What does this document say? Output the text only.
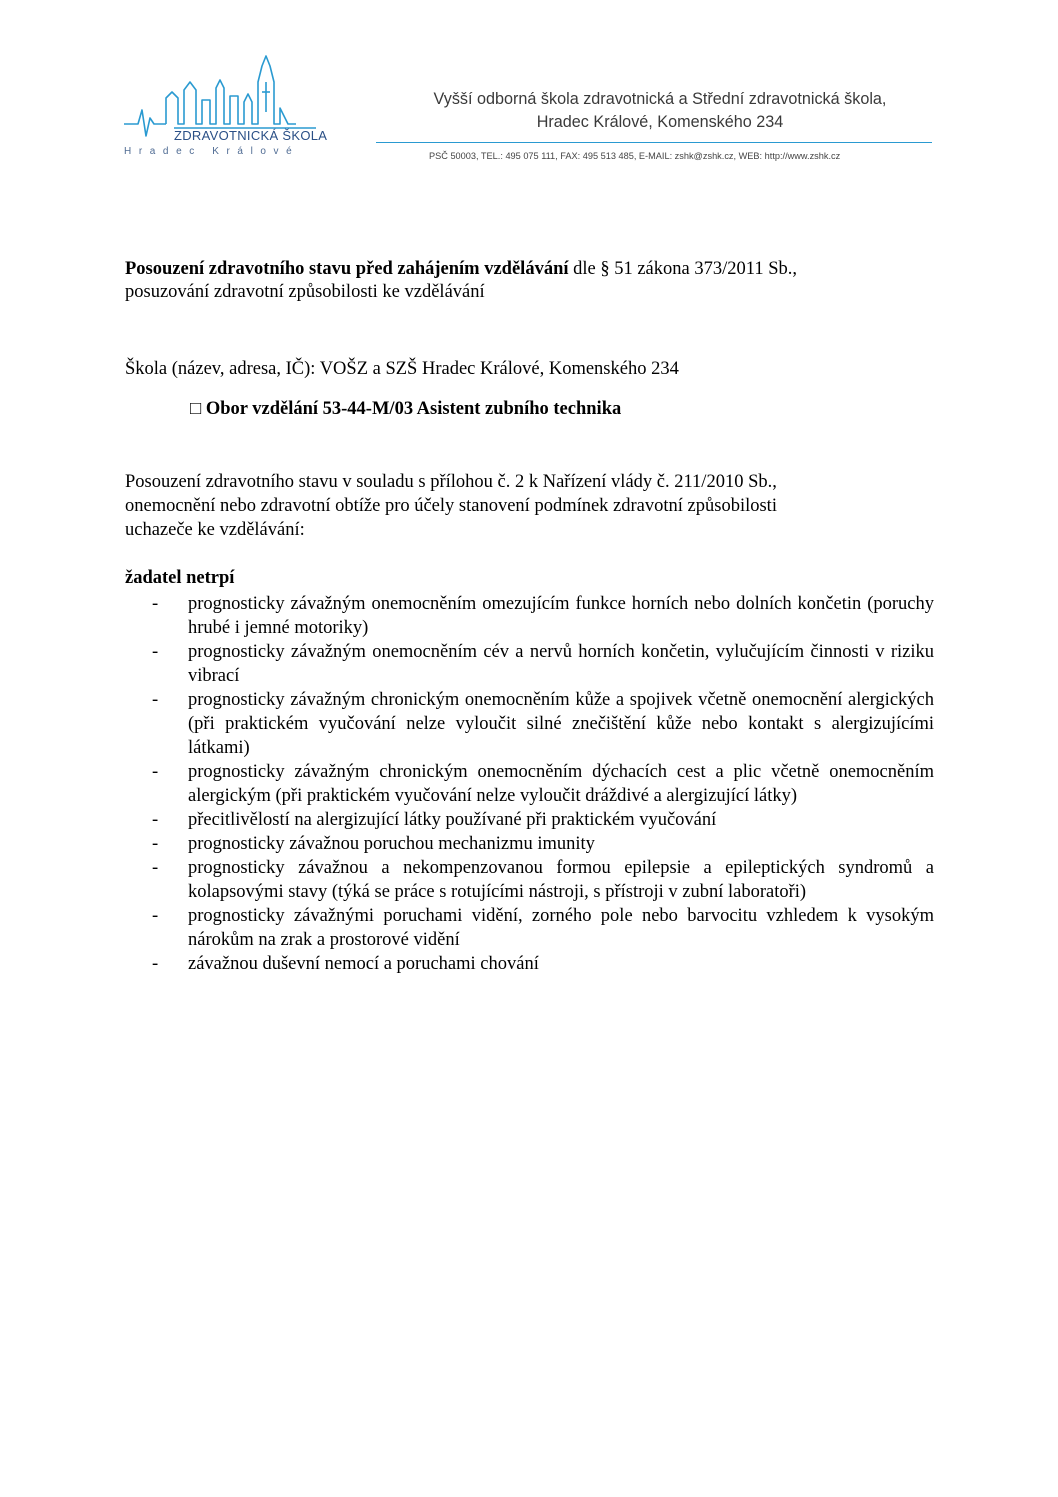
ZDRAVOTNICKÁ ŠKOLA
Hradec Králové
Vyšší odborná škola zdravotnická a Střední zdravotnická škola,
Hradec Králové, Komenského 234
PSČ 50003, TEL.: 495 075 111, FAX: 495 513 485, E-MAIL: zshk@zshk.cz, WEB: http://www.zshk.cz
Posouzení zdravotního stavu před zahájením vzdělávání dle § 51 zákona 373/2011 Sb.,
posuzování zdravotní způsobilosti ke vzdělávání
Škola (název, adresa, IČ): VOŠZ a SZŠ Hradec Králové, Komenského 234
□ Obor vzdělání 53-44-M/03 Asistent zubního technika
Posouzení zdravotního stavu v souladu s přílohou č. 2 k Nařízení vlády č. 211/2010 Sb.,
onemocnění nebo zdravotní obtíže pro účely stanovení podmínek zdravotní způsobilosti
uchazeče ke vzdělávání:
žadatel netrpí
- prognosticky závažným onemocněním omezujícím funkce horních nebo dolních končetin (poruchy hrubé i jemné motoriky)
- prognosticky závažným onemocněním cév a nervů horních končetin, vylučujícím činnosti v riziku vibrací
- prognosticky závažným chronickým onemocněním kůže a spojivek včetně onemocnění alergických (při praktickém vyučování nelze vyloučit silné znečištění kůže nebo kontakt s alergizujícími látkami)
- prognosticky závažným chronickým onemocněním dýchacích cest a plic včetně onemocněním alergickým (při praktickém vyučování nelze vyloučit dráždivé a alergizující látky)
- přecitlivělostí na alergizující látky používané při praktickém vyučování
- prognosticky závažnou poruchou mechanizmu imunity
- prognosticky závažnou a nekompenzovanou formou epilepsie a epileptických syndromů a kolapsovými stavy (týká se práce s rotujícími nástroji, s přístroji v zubní laboratoři)
- prognosticky závažnými poruchami vidění, zorného pole nebo barvocitu vzhledem k vysokým nárokům na zrak a prostorové vidění
- závažnou duševní nemocí a poruchami chování
